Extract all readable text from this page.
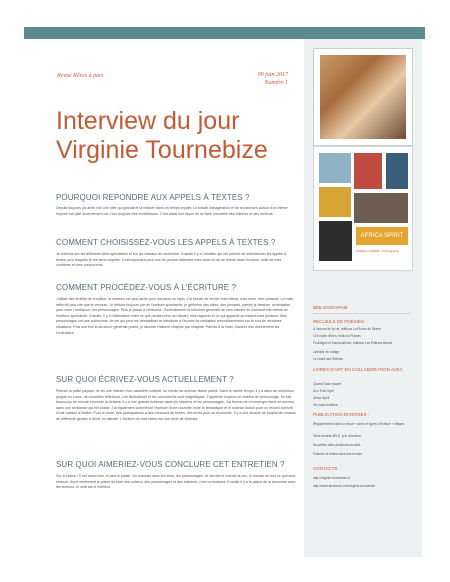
AFRICA SPIRIT
KAREN LANDER · Photography
Revue Rêves à part	09 juin 2017
Numéro 1
Interview du jour
Virginie Tournebize
POURQUOI REPONDRE AUX APPELS À TEXTES ?
Depuis toujours j'ai aimé voir une idée qui grandit et la réaliser dans un temps imparti. Le travail d'imagination et de recherches autour d'un thème imposé me plaît énormément car c'est toujours très enrichissant. C'est aussi une façon de se faire connaître des éditeurs et des lecteurs.
COMMENT CHOISISSEZ-VOUS LES APPELS À TEXTES ?
Je cherche sur les différents sites spécialisés et sur les réseaux de recherche. Ensuite il y a l'intuition qui me permet de sélectionner les appels à textes pour lesquels je me sens inspirée. Il est important pour moi de pouvoir défendre mes choix et de ne retenir dans l'écriture, celle de mes confrères et mes concurrents.
COMMENT PROCÉDEZ-VOUS À L'ÉCRITURE ?
J'utilise des feuilles de brouillon, la création est plus facile pour moi avec un stylo. J'ai besoin de former mes lettres, mes mots, mes phrases. La main réfléchit plus vite que le cerveau. Je débute toujours par de l'écriture spontanée, je griffonne des idées, des phrases, parfois je dessine, schématise pour créer l'ambiance, les personnages. Puis je passe à l'ébauche. Généralement la structure générale de mon histoire se construit elle-même de l'écriture spontanée. Ensuite, il y a l'alternative entre ce que j'avais prévu au départ, mes rapports et ce qui apparaît au travers mes phrases. Mes personnages ont une autonomie, de vie qui peut me déstabiliser et introduire à l'écoute de véritables rebondissements sur le sort de certaines situations. Puis une fois la structure générale posée, je raconte l'histoire chapitre par chapitre. Parfois à la main, d'autres fois directement sur l'ordinateur.
SUR QUOI ÉCRIVEZ-VOUS ACTUELLEMENT ?
Pierrick la paille paysan. Je vis une histoire d'un caractère collectif, un roman de science-fiction publié. Dans le même temps, il y a dans de nombreux projets en cours, de nouvelles réflexions. Les illustrations et les couvertures sont magnifiques. J'apprécie toujours ce cinéma de personnage. En fait, beaucoup de monde s'invente là-dedans, il y a une grande richesse dans les histoires et les personnages. J'ai besoin de m'immerger dans un univers, dans une ambiance qui me plaise. J'ai également commencé l'écriture d'une nouvelle entre le fantastique et le science-fiction pour un recueil collectif d'une maison d'édition. Pour le reste, des participations à des concours de textes, des livres pour un ensemble. Il y a une dizaine de projets de romans de différents genres à l'écrit, en attente. L'écriture de mes idées est une série de rêveries.
SUR QUOI AIMERIEZ-VOUS CONCLURE CET ENTRETIEN ?
Sur le plaisir ! C'est avant tout, et plus le plaisir. On s'amuse avec les mots, les personnages. Je dérobe le monde du jeu, le monde de tout ce qui nous entoure. Avoir réellement le plaisir de faire des univers, des personnages et des histoires, c'est un bonheur. Ensuite il y a le plaisir de la rencontre avec les lecteurs, et cela est le meilleur.
BIBLIOGRAPHIE
RECUEILS DE POÉSIES :
À l'aurore de la vie, éditions La Plume de Sirène
L'Envolée d'Elen, éditions Plumes
Feuillages et boursouflures, éditions Les Éditions Bande
Libellule en voltige
Le chant des Sirènes
LIVRES D'ART EN COLLABORATION AVEC
Quand l'Asie inspire
Duo Trail Light
Africa Spirit
Vie sans frontière
PUBLICATION DIVERSES :
Régulièrement dans la revue « Aires et lignes d'écriture » Belges
Texte lauréat AELE, prix d'écriture
Nouvelles dans plusieurs recueils
Poèmes et textes dans des revues
CONTACTS
http://virginie-tournebize.fr
http://www.facebook.com/virginie.tournebize
